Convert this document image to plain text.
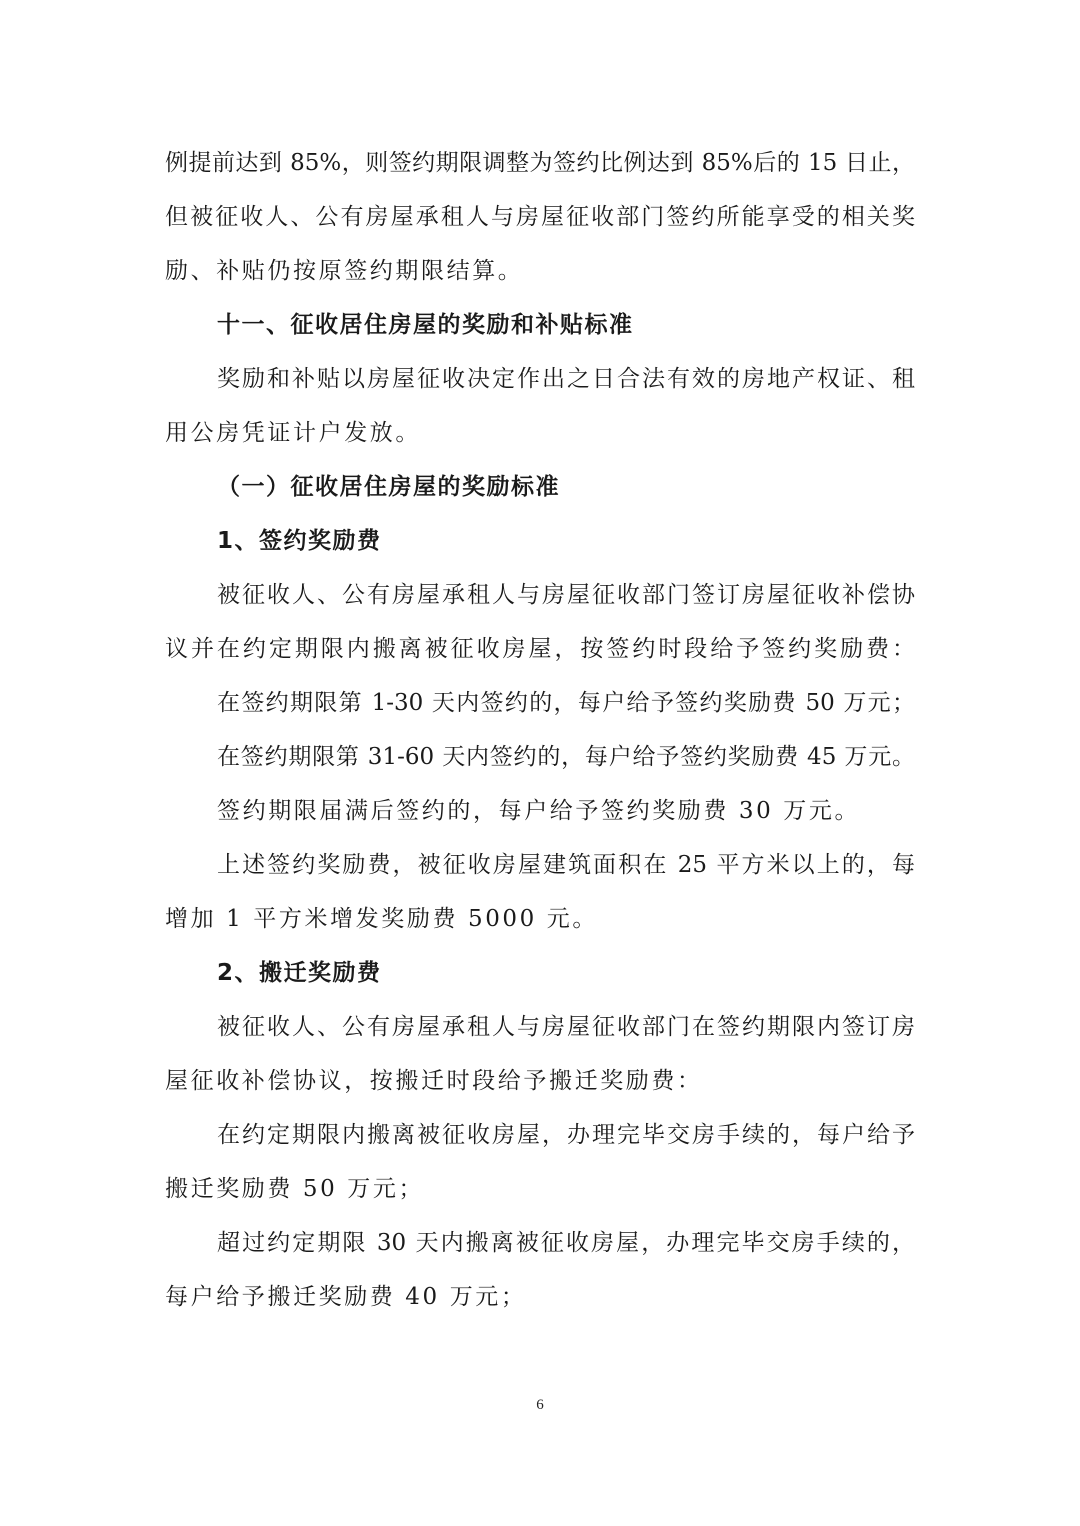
例提前达到 85%，则签约期限调整为签约比例达到 85%后的 15 日止，

但被征收人、公有房屋承租人与房屋征收部门签约所能享受的相关奖

励、补贴仍按原签约期限结算。

十一、征收居住房屋的奖励和补贴标准

奖励和补贴以房屋征收决定作出之日合法有效的房地产权证、租

用公房凭证计户发放。

（一）征收居住房屋的奖励标准

1、签约奖励费

被征收人、公有房屋承租人与房屋征收部门签订房屋征收补偿协

议并在约定期限内搬离被征收房屋，按签约时段给予签约奖励费：

在签约期限第 1-30 天内签约的，每户给予签约奖励费 50 万元；

在签约期限第 31-60 天内签约的，每户给予签约奖励费 45 万元。

签约期限届满后签约的，每户给予签约奖励费 30 万元。

上述签约奖励费，被征收房屋建筑面积在 25 平方米以上的，每

增加 1 平方米增发奖励费 5000 元。

2、搬迁奖励费

被征收人、公有房屋承租人与房屋征收部门在签约期限内签订房

屋征收补偿协议，按搬迁时段给予搬迁奖励费：

在约定期限内搬离被征收房屋，办理完毕交房手续的，每户给予

搬迁奖励费 50 万元；

超过约定期限 30 天内搬离被征收房屋，办理完毕交房手续的，

每户给予搬迁奖励费 40 万元；

6
